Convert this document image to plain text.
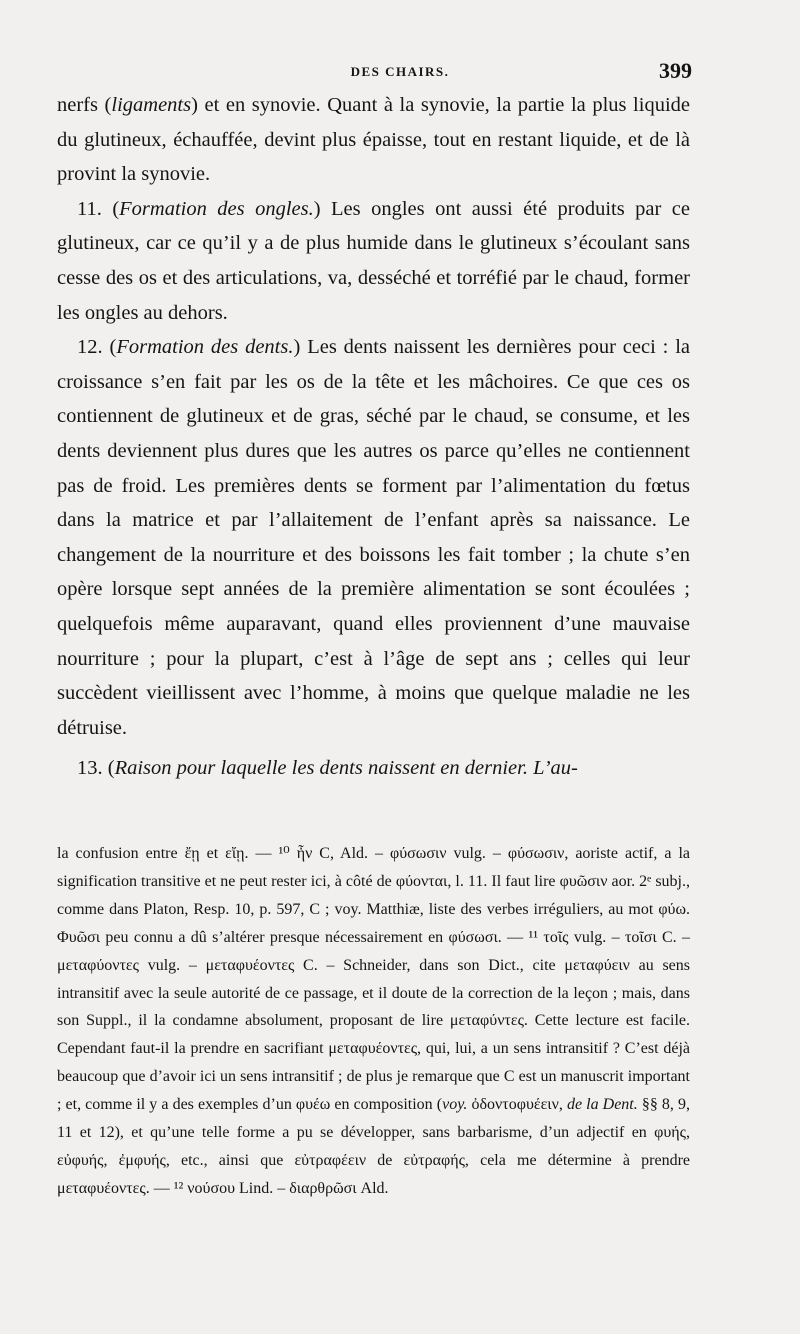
DES CHAIRS.	399

nerfs (ligaments) et en synovie. Quant à la synovie, la partie la plus liquide du glutineux, échauffée, devint plus épaisse, tout en restant liquide, et de là provint la synovie.

11. (Formation des ongles.) Les ongles ont aussi été produits par ce glutineux, car ce qu’il y a de plus humide dans le glutineux s’écoulant sans cesse des os et des articulations, va, desséché et torréfié par le chaud, former les ongles au dehors.

12. (Formation des dents.) Les dents naissent les dernières pour ceci : la croissance s’en fait par les os de la tête et les mâchoires. Ce que ces os contiennent de glutineux et de gras, séché par le chaud, se consume, et les dents deviennent plus dures que les autres os parce qu’elles ne contiennent pas de froid. Les premières dents se forment par l’alimentation du fœtus dans la matrice et par l’allaitement de l’enfant après sa naissance. Le changement de la nourriture et des boissons les fait tomber ; la chute s’en opère lorsque sept années de la première alimentation se sont écoulées ; quelquefois même auparavant, quand elles proviennent d’une mauvaise nourriture ; pour la plupart, c’est à l’âge de sept ans ; celles qui leur succèdent vieillissent avec l’homme, à moins que quelque maladie ne les détruise.

13. (Raison pour laquelle les dents naissent en dernier. L’au-

la confusion entre ἔῃ et εἴῃ. — ¹⁰ ἦν C, Ald. – φύσωσιν vulg. – φύσωσιν, aoriste actif, a la signification transitive et ne peut rester ici, à côté de φύονται, l. 11. Il faut lire φυῶσιν aor. 2ᵉ subj., comme dans Platon, Resp. 10, p. 597, C ; voy. Matthiæ, liste des verbes irréguliers, au mot φύω. Φυῶσι peu connu a dû s’altérer presque nécessairement en φύσωσι. — ¹¹ τοῖς vulg. – τοῖσι C. – μεταφύοντες vulg. – μεταφυέοντες C. – Schneider, dans son Dict., cite μεταφύειν au sens intransitif avec la seule autorité de ce passage, et il doute de la correction de la leçon ; mais, dans son Suppl., il la condamne absolument, proposant de lire μεταφύντες. Cette lecture est facile. Cependant faut-il la prendre en sacrifiant μεταφυέοντες, qui, lui, a un sens intransitif ? C’est déjà beaucoup que d’avoir ici un sens intransitif ; de plus je remarque que C est un manuscrit important ; et, comme il y a des exemples d’un φυέω en composition (voy. ὀδοντοφυέειν, de la Dent. §§ 8, 9, 11 et 12), et qu’une telle forme a pu se développer, sans barbarisme, d’un adjectif en φυής, εὐφυής, ἐμφυής, etc., ainsi que εὐτραφέειν de εὐτραφής, cela me détermine à prendre μεταφυέοντες. — ¹² νούσου Lind. – διαρθρῶσι Ald.
